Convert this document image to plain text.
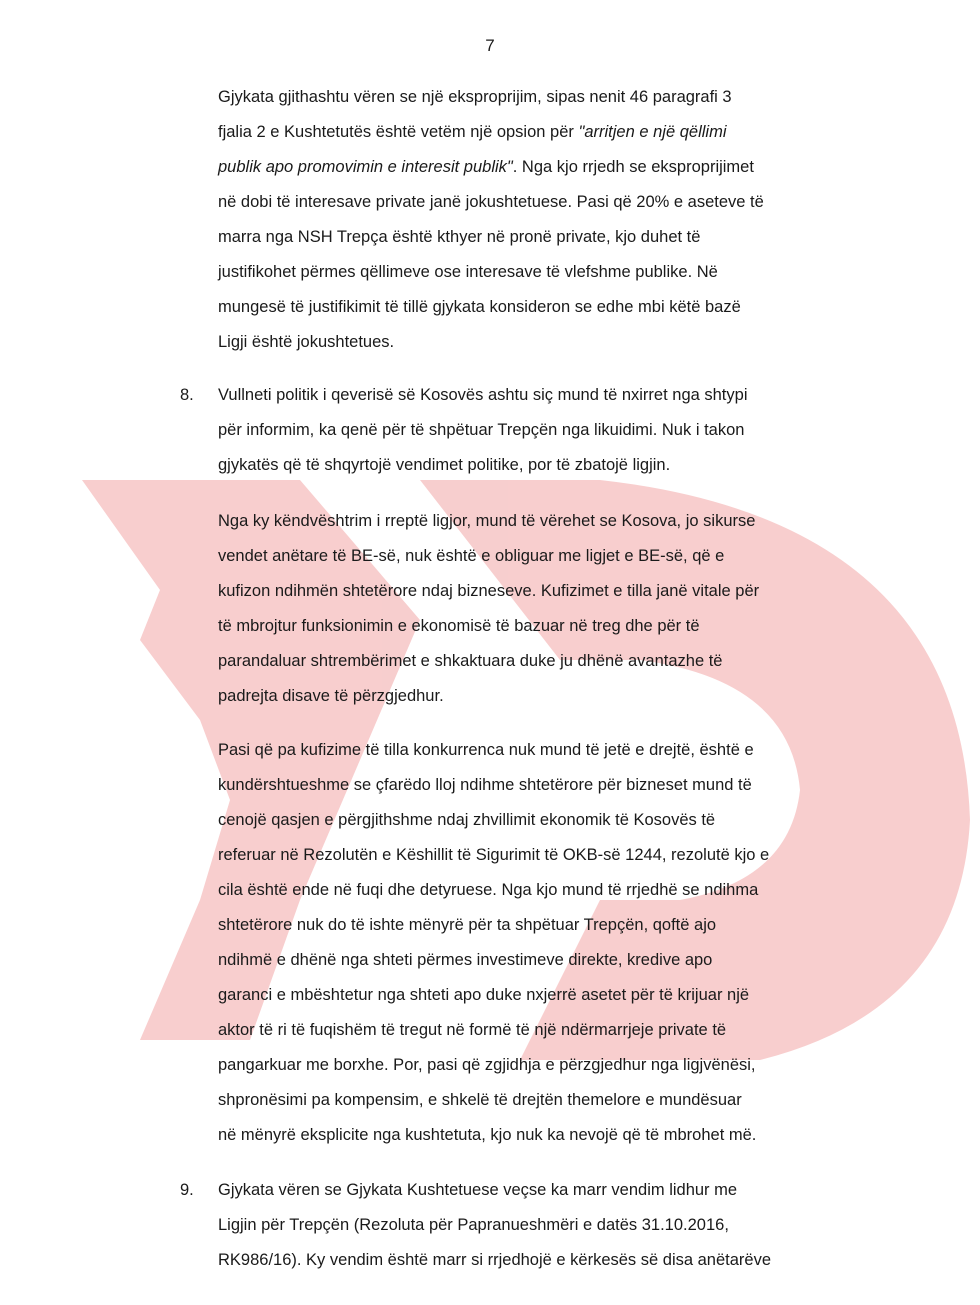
7
Gjykata gjithashtu vëren se një eksproprijim, sipas nenit 46 paragrafi 3
fjalia 2 e Kushtetutës është vetëm një opsion për "arritjen e një qëllimi
publik apo promovimin e interesit publik". Nga kjo rrjedh se eksproprijimet
në dobi të interesave private janë jokushtetuese. Pasi që 20% e aseteve të
marra nga NSH Trepça është kthyer në pronë private, kjo duhet të
justifikohet përmes qëllimeve ose interesave të vlefshme publike. Në
mungesë të justifikimit të tillë gjykata konsideron se edhe mbi këtë bazë
Ligji është jokushtetues.
8. Vullneti politik i qeverisë së Kosovës ashtu siç mund të nxirret nga shtypi
për informim, ka qenë për të shpëtuar Trepçën nga likuidimi. Nuk i takon
gjykatës që të shqyrtojë vendimet politike, por të zbatojë ligjin.
Nga ky këndvështrim i rreptë ligjor, mund të vërehet se Kosova, jo sikurse
vendet anëtare të BE-së, nuk është e obliguar me ligjet e BE-së, që e
kufizon ndihmën shtetërore ndaj bizneseve. Kufizimet e tilla janë vitale për
të mbrojtur funksionimin e ekonomisë të bazuar në treg dhe për të
parandaluar shtrembërimet e shkaktuara duke ju dhënë avantazhe të
padrejta disave të përzgjedhur.
Pasi që pa kufizime të tilla konkurrenca nuk mund të jetë e drejtë, është e
kundërshtueshme se çfarëdo lloj ndihme shtetërore për bizneset mund të
cenojë qasjen e përgjithshme ndaj zhvillimit ekonomik të Kosovës të
referuar në Rezolutën e Këshillit të Sigurimit të OKB-së 1244, rezolutë kjo e
cila është ende në fuqi dhe detyruese. Nga kjo mund të rrjedhë se ndihma
shtetërore nuk do të ishte mënyrë për ta shpëtuar Trepçën, qoftë ajo
ndihmë e dhënë nga shteti përmes investimeve direkte, kredive apo
garanci e mbështetur nga shteti apo duke nxjerrë asetet për të krijuar një
aktor të ri të fuqishëm të tregut në formë të një ndërmarrjeje private të
pangarkuar me borxhe. Por, pasi që zgjidhja e përzgjedhur nga ligjvënësi,
shpronësimi pa kompensim, e shkelë të drejtën themelore e mundësuar
në mënyrë eksplicite nga kushtetuta, kjo nuk ka nevojë që të mbrohet më.
9. Gjykata vëren se Gjykata Kushtetuese veçse ka marr vendim lidhur me
Ligjin për Trepçën (Rezoluta për Papranueshmëri e datës 31.10.2016,
RK986/16). Ky vendim është marr si rrjedhojë e kërkesës së disa anëtarëve
